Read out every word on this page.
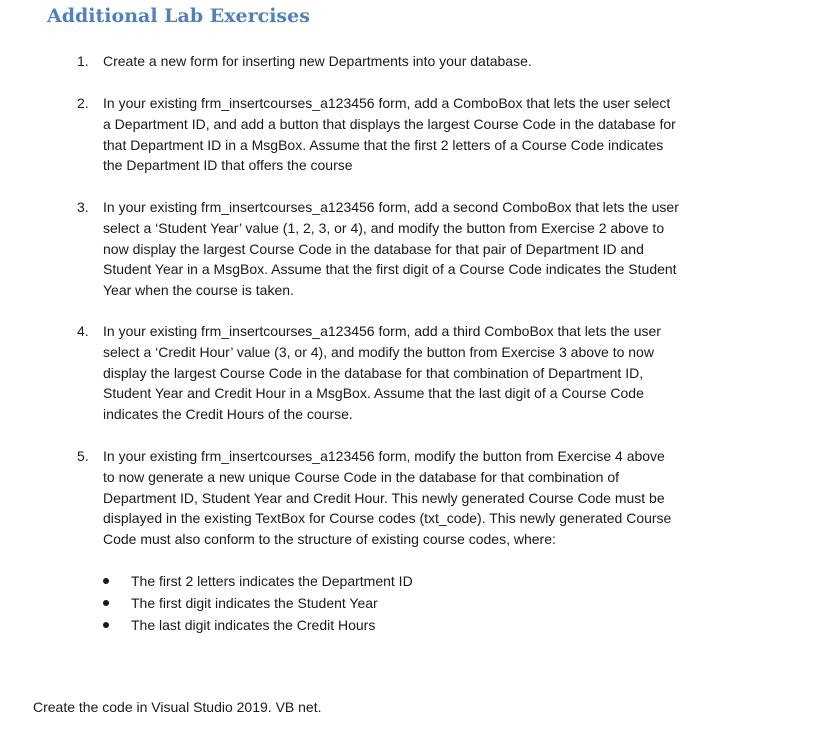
Additional Lab Exercises
1. Create a new form for inserting new Departments into your database.
2. In your existing frm_insertcourses_a123456 form, add a ComboBox that lets the user select
a Department ID, and add a button that displays the largest Course Code in the database for
that Department ID in a MsgBox. Assume that the first 2 letters of a Course Code indicates
the Department ID that offers the course
3. In your existing frm_insertcourses_a123456 form, add a second ComboBox that lets the user
select a ‘Student Year’ value (1, 2, 3, or 4), and modify the button from Exercise 2 above to
now display the largest Course Code in the database for that pair of Department ID and
Student Year in a MsgBox. Assume that the first digit of a Course Code indicates the Student
Year when the course is taken.
4. In your existing frm_insertcourses_a123456 form, add a third ComboBox that lets the user
select a ‘Credit Hour’ value (3, or 4), and modify the button from Exercise 3 above to now
display the largest Course Code in the database for that combination of Department ID,
Student Year and Credit Hour in a MsgBox. Assume that the last digit of a Course Code
indicates the Credit Hours of the course.
5. In your existing frm_insertcourses_a123456 form, modify the button from Exercise 4 above
to now generate a new unique Course Code in the database for that combination of
Department ID, Student Year and Credit Hour. This newly generated Course Code must be
displayed in the existing TextBox for Course codes (txt_code). This newly generated Course
Code must also conform to the structure of existing course codes, where:
The first 2 letters indicates the Department ID
The first digit indicates the Student Year
The last digit indicates the Credit Hours
Create the code in Visual Studio 2019. VB net.
